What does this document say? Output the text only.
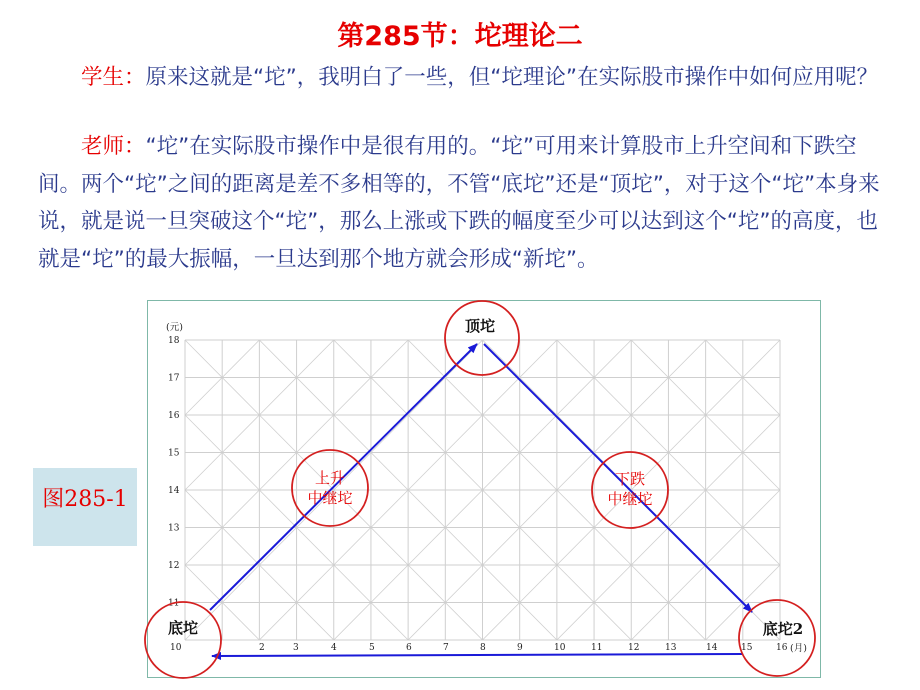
第285节：坨理论二
学生：原来这就是“坨”，我明白了一些，但“坨理论”在实际股市操作中如何应用呢？
老师：“坨”在实际股市操作中是很有用的。“坨”可用来计算股市上升空间和下跌空间。两个“坨”之间的距离是差不多相等的，不管“底坨”还是“顶坨”，对于这个“坨”本身来说，就是说一旦突破这个“坨”，那么上涨或下跌的幅度至少可以达到这个“坨”的高度，也就是“坨”的最大振幅，一旦达到那个地方就会形成“新坨”。
图285-1
11
12
13
14
15
16
17
18
10	2	3	4	5	6	7	8	9	10	11	12	13	14	15	16
(元)
(月)
底坨
顶坨
底坨2
上升
中继坨
下跌
中继坨
